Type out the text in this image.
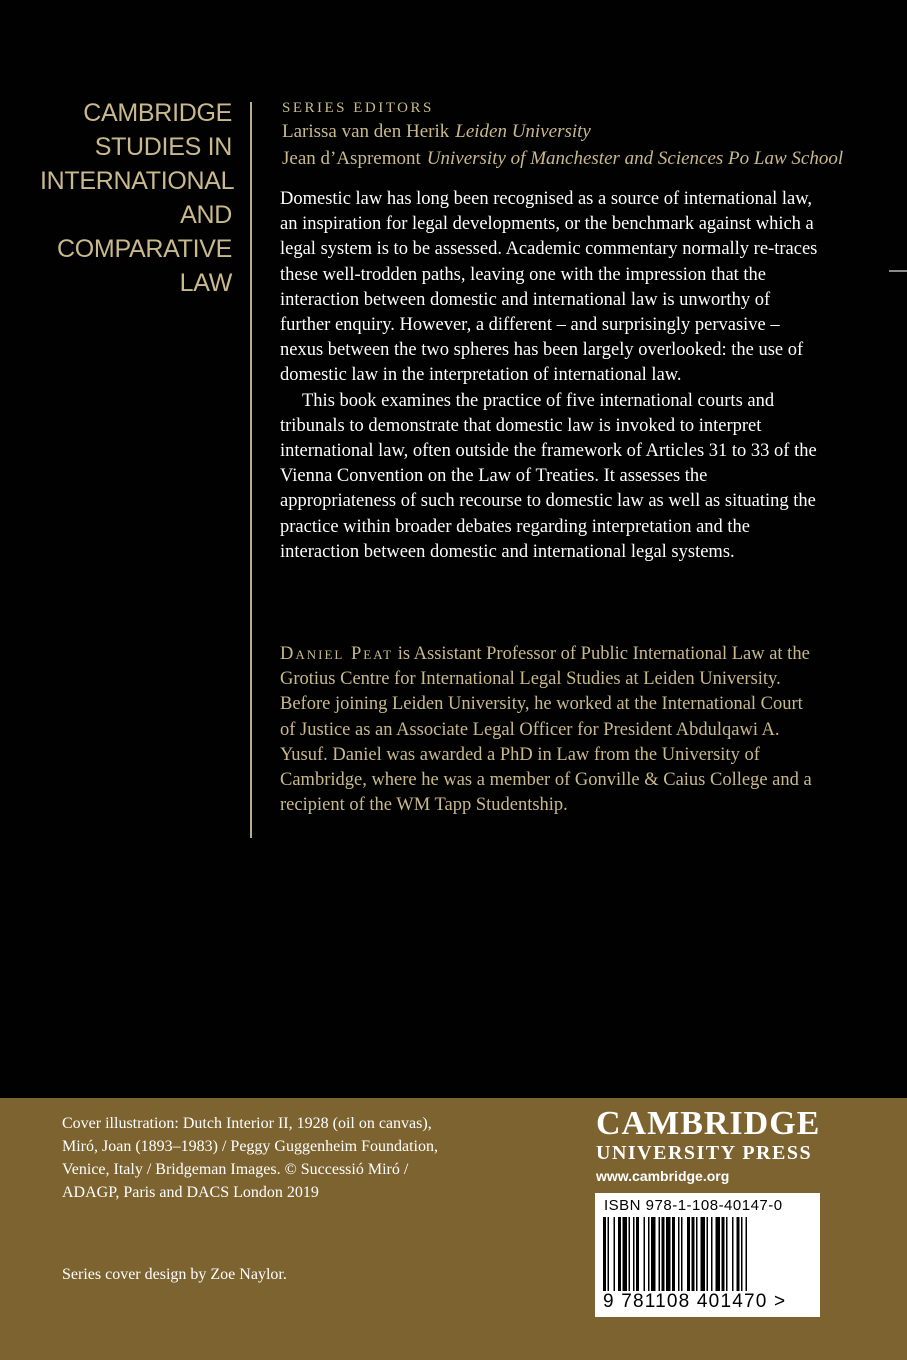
CAMBRIDGE
STUDIES IN
INTERNATIONAL
AND
COMPARATIVE
LAW
SERIES EDITORS
Larissa van den Herik Leiden University
Jean d’Aspremont University of Manchester and Sciences Po Law School

Domestic law has long been recognised as a source of international law, an inspiration for legal developments, or the benchmark against which a legal system is to be assessed. Academic commentary normally re-traces these well-trodden paths, leaving one with the impression that the interaction between domestic and international law is unworthy of further enquiry. However, a different – and surprisingly pervasive – nexus between the two spheres has been largely overlooked: the use of domestic law in the interpretation of international law.

This book examines the practice of five international courts and tribunals to demonstrate that domestic law is invoked to interpret international law, often outside the framework of Articles 31 to 33 of the Vienna Convention on the Law of Treaties. It assesses the appropriateness of such recourse to domestic law as well as situating the practice within broader debates regarding interpretation and the interaction between domestic and international legal systems.

Daniel Peat is Assistant Professor of Public International Law at the Grotius Centre for International Legal Studies at Leiden University. Before joining Leiden University, he worked at the International Court of Justice as an Associate Legal Officer for President Abdulqawi A. Yusuf. Daniel was awarded a PhD in Law from the University of Cambridge, where he was a member of Gonville & Caius College and a recipient of the WM Tapp Studentship.
Cover illustration: Dutch Interior II, 1928 (oil on canvas), Miró, Joan (1893–1983) / Peggy Guggenheim Foundation, Venice, Italy / Bridgeman Images. © Successió Miró / ADAGP, Paris and DACS London 2019
Series cover design by Zoe Naylor.
CAMBRIDGE
UNIVERSITY PRESS
www.cambridge.org
ISBN 978-1-108-40147-0
9 781108 401470 >
